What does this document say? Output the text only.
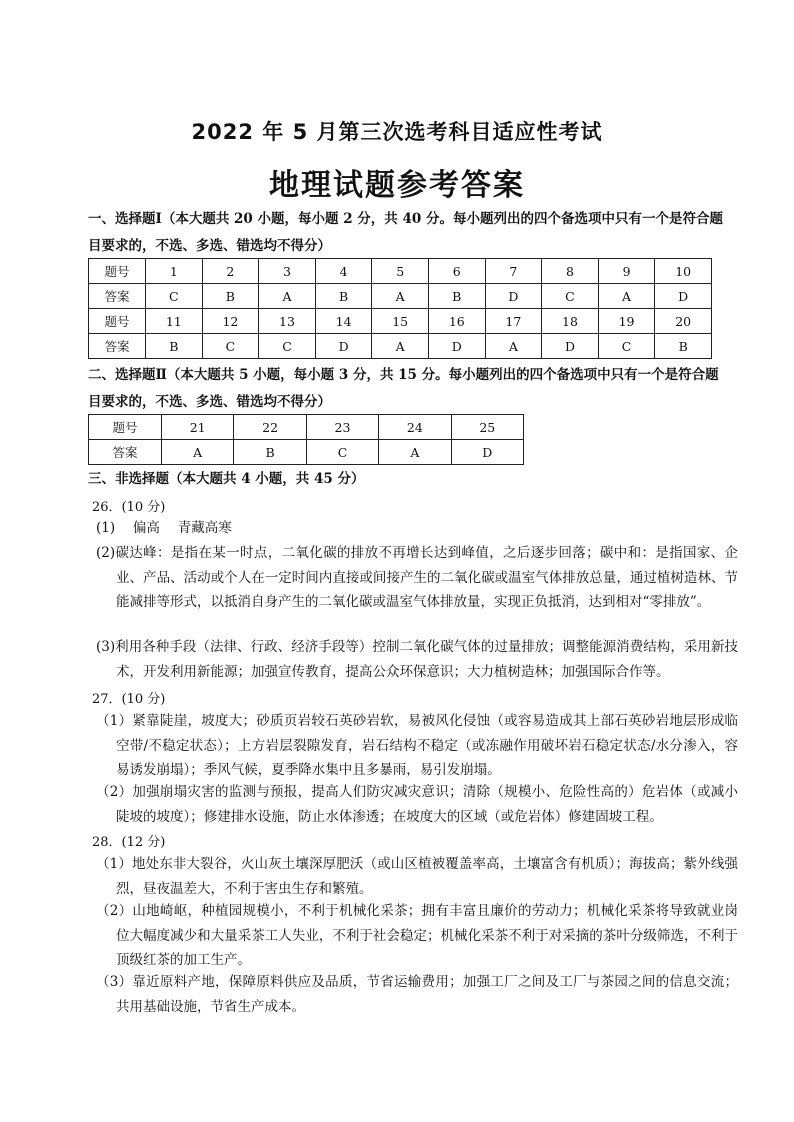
2022 年 5 月第三次选考科目适应性考试
地理试题参考答案
一、选择题Ⅰ（本大题共 20 小题，每小题 2 分，共 40 分。每小题列出的四个备选项中只有一个是符合题目要求的，不选、多选、错选均不得分）
题号	1	2	3	4	5	6	7	8	9	10
答案	C	B	A	B	A	B	D	C	A	D
题号	11	12	13	14	15	16	17	18	19	20
答案	B	C	C	D	A	D	A	D	C	B
二、选择题Ⅱ（本大题共 5 小题，每小题 3 分，共 15 分。每小题列出的四个备选项中只有一个是符合题目要求的，不选、多选、错选均不得分）
题号	21	22	23	24	25
答案	A	B	C	A	D
三、非选择题（本大题共 4 小题，共 45 分）
26．(10 分)
(1)　 偏高　 青藏高寒
(2)碳达峰：是指在某一时点，二氧化碳的排放不再增长达到峰值，之后逐步回落；碳中和：是指国家、企业、产品、活动或个人在一定时间内直接或间接产生的二氧化碳或温室气体排放总量，通过植树造林、节能减排等形式，以抵消自身产生的二氧化碳或温室气体排放量，实现正负抵消，达到相对“零排放”。
(3)利用各种手段（法律、行政、经济手段等）控制二氧化碳气体的过量排放；调整能源消费结构，采用新技术，开发利用新能源；加强宣传教育，提高公众环保意识；大力植树造林；加强国际合作等。
27．(10 分)
（1）紧靠陡崖，坡度大；砂质页岩较石英砂岩软，易被风化侵蚀（或容易造成其上部石英砂岩地层形成临空带/不稳定状态）；上方岩层裂隙发育，岩石结构不稳定（或冻融作用破坏岩石稳定状态/水分渗入，容易诱发崩塌）；季风气候，夏季降水集中且多暴雨，易引发崩塌。
（2）加强崩塌灾害的监测与预报，提高人们防灾减灾意识；清除（规模小、危险性高的）危岩体（或减小陡坡的坡度）；修建排水设施，防止水体渗透；在坡度大的区域（或危岩体）修建固坡工程。
28．(12 分)
（1）地处东非大裂谷，火山灰土壤深厚肥沃（或山区植被覆盖率高，土壤富含有机质）；海拔高；紫外线强烈，昼夜温差大，不利于害虫生存和繁殖。
（2）山地崎岖，种植园规模小，不利于机械化采茶；拥有丰富且廉价的劳动力；机械化采茶将导致就业岗位大幅度减少和大量采茶工人失业，不利于社会稳定；机械化采茶不利于对采摘的茶叶分级筛选，不利于顶级红茶的加工生产。
（3）靠近原料产地，保障原料供应及品质，节省运输费用；加强工厂之间及工厂与茶园之间的信息交流；共用基础设施，节省生产成本。
